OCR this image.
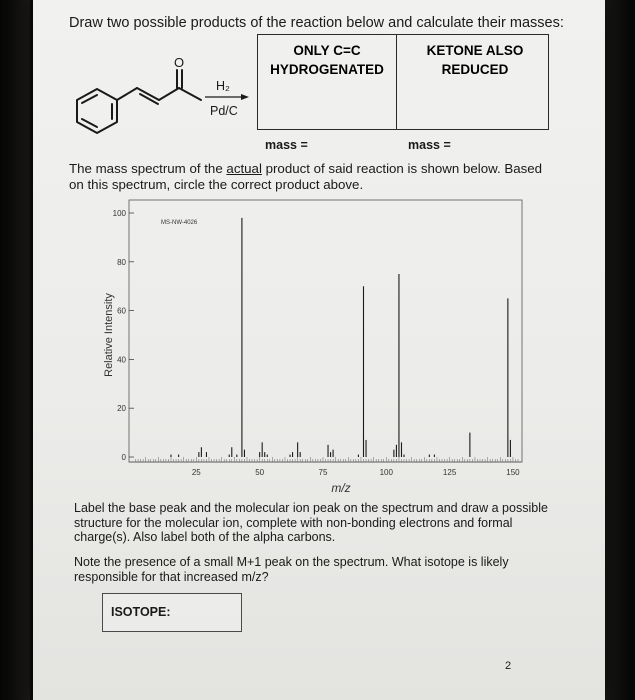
Draw two possible products of the reaction below and calculate their masses:
O
H₂
Pd/C
ONLY C=C
HYDROGENATED
KETONE ALSO
REDUCED
mass =	mass =
The mass spectrum of the actual product of said reaction is shown below. Based on this spectrum, circle the correct product above.
0
20
40
60
80
100
25	50	75	100	125	150
MS-NW-4026
m/z
Relative Intensity
Label the base peak and the molecular ion peak on the spectrum and draw a possible structure for the molecular ion, complete with non-bonding electrons and formal charge(s). Also label both of the alpha carbons.
Note the presence of a small M+1 peak on the spectrum. What isotope is likely responsible for that increased m/z?
ISOTOPE:
2
